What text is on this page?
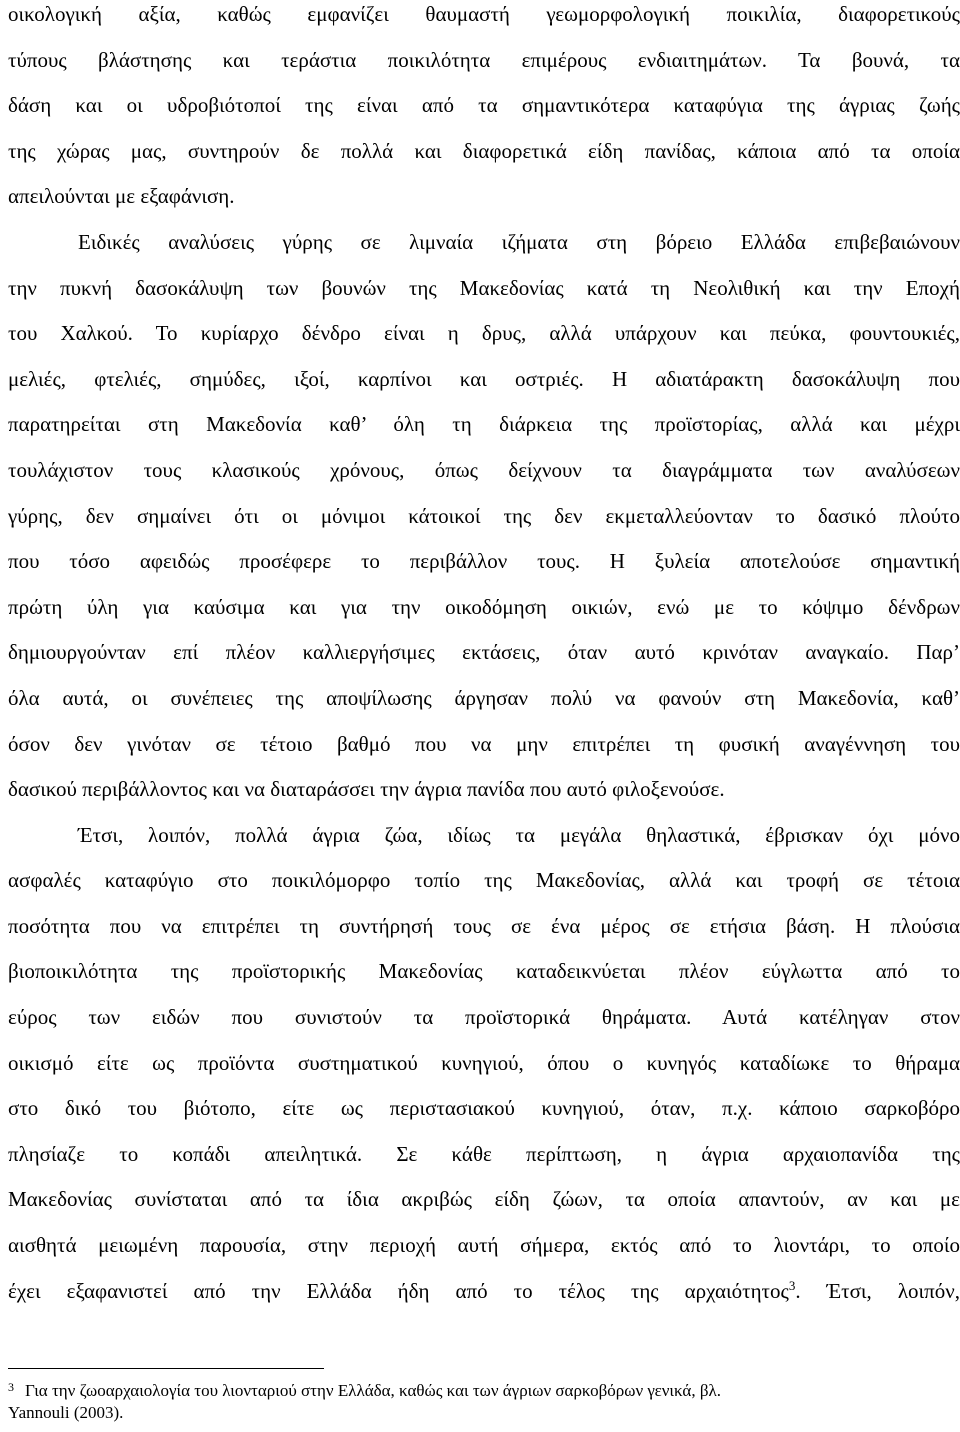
οικολογική αξία, καθώς εμφανίζει θαυμαστή γεωμορφολογική ποικιλία, διαφορετικούς
τύπους βλάστησης και τεράστια ποικιλότητα επιμέρους ενδιαιτημάτων. Τα βουνά, τα
δάση και οι υδροβιότοποί της είναι από τα σημαντικότερα καταφύγια της άγριας ζωής
της χώρας μας, συντηρούν δε πολλά και διαφορετικά είδη πανίδας, κάποια από τα οποία
απειλούνται με εξαφάνιση.
Ειδικές αναλύσεις γύρης σε λιμναία ιζήματα στη βόρειο Ελλάδα επιβεβαιώνουν
την πυκνή δασοκάλυψη των βουνών της Μακεδονίας κατά τη Νεολιθική και την Εποχή
του Χαλκού. Το κυρίαρχο δένδρο είναι η δρυς, αλλά υπάρχουν και πεύκα, φουντουκιές,
μελιές, φτελιές, σημύδες, ιξοί, καρπίνοι και οστριές. Η αδιατάρακτη δασοκάλυψη που
παρατηρείται στη Μακεδονία καθ’ όλη τη διάρκεια της προϊστορίας, αλλά και μέχρι
τουλάχιστον τους κλασικούς χρόνους, όπως δείχνουν τα διαγράμματα των αναλύσεων
γύρης, δεν σημαίνει ότι οι μόνιμοι κάτοικοί της δεν εκμεταλλεύονταν το δασικό πλούτο
που τόσο αφειδώς προσέφερε το περιβάλλον τους. Η ξυλεία αποτελούσε σημαντική
πρώτη ύλη για καύσιμα και για την οικοδόμηση οικιών, ενώ με το κόψιμο δένδρων
δημιουργούνταν επί πλέον καλλιεργήσιμες εκτάσεις, όταν αυτό κρινόταν αναγκαίο. Παρ’
όλα αυτά, οι συνέπειες της αποψίλωσης άργησαν πολύ να φανούν στη Μακεδονία, καθ’
όσον δεν γινόταν σε τέτοιο βαθμό που να μην επιτρέπει τη φυσική αναγέννηση του
δασικού περιβάλλοντος και να διαταράσσει την άγρια πανίδα που αυτό φιλοξενούσε.
Έτσι, λοιπόν, πολλά άγρια ζώα, ιδίως τα μεγάλα θηλαστικά, έβρισκαν όχι μόνο
ασφαλές καταφύγιο στο ποικιλόμορφο τοπίο της Μακεδονίας, αλλά και τροφή σε τέτοια
ποσότητα που να επιτρέπει τη συντήρησή τους σε ένα μέρος σε ετήσια βάση. Η πλούσια
βιοποικιλότητα της προϊστορικής Μακεδονίας καταδεικνύεται πλέον εύγλωττα από το
εύρος των ειδών που συνιστούν τα προϊστορικά θηράματα. Αυτά κατέληγαν στον
οικισμό είτε ως προϊόντα συστηματικού κυνηγιού, όπου ο κυνηγός καταδίωκε το θήραμα
στο δικό του βιότοπο, είτε ως περιστασιακού κυνηγιού, όταν, π.χ. κάποιο σαρκοβόρο
πλησίαζε το κοπάδι απειλητικά. Σε κάθε περίπτωση, η άγρια αρχαιοπανίδα της
Μακεδονίας συνίσταται από τα ίδια ακριβώς είδη ζώων, τα οποία απαντούν, αν και με
αισθητά μειωμένη παρουσία, στην περιοχή αυτή σήμερα, εκτός από το λιοντάρι, το οποίο
έχει εξαφανιστεί από την Ελλάδα ήδη από το τέλος της αρχαιότητος$^3$. Έτσι, λοιπόν,
3 Για την ζωοαρχαιολογία του λιονταριού στην Ελλάδα, καθώς και των άγριων σαρκοβόρων γενικά, βλ.
Yannouli (2003).
